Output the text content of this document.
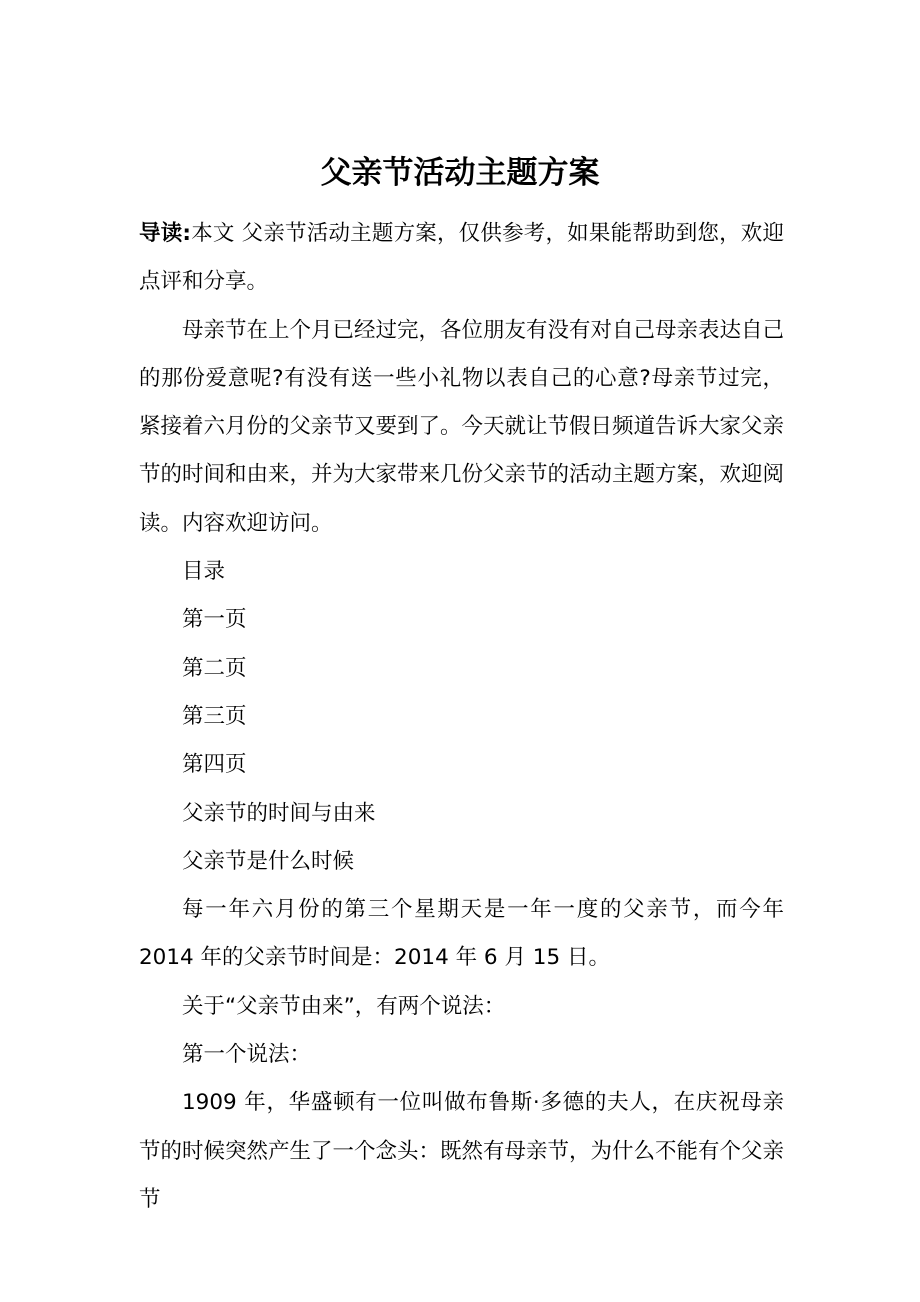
父亲节活动主题方案

导读:本文 父亲节活动主题方案，仅供参考，如果能帮助到您，欢迎点评和分享。

母亲节在上个月已经过完，各位朋友有没有对自己母亲表达自己的那份爱意呢?有没有送一些小礼物以表自己的心意?母亲节过完，紧接着六月份的父亲节又要到了。今天就让节假日频道告诉大家父亲节的时间和由来，并为大家带来几份父亲节的活动主题方案，欢迎阅读。内容欢迎访问。

目录

第一页

第二页

第三页

第四页

父亲节的时间与由来

父亲节是什么时候

每一年六月份的第三个星期天是一年一度的父亲节，而今年2014 年的父亲节时间是：2014 年 6 月 15 日。

关于“父亲节由来”，有两个说法：

第一个说法：

1909 年，华盛顿有一位叫做布鲁斯·多德的夫人，在庆祝母亲节的时候突然产生了一个念头：既然有母亲节，为什么不能有个父亲节
